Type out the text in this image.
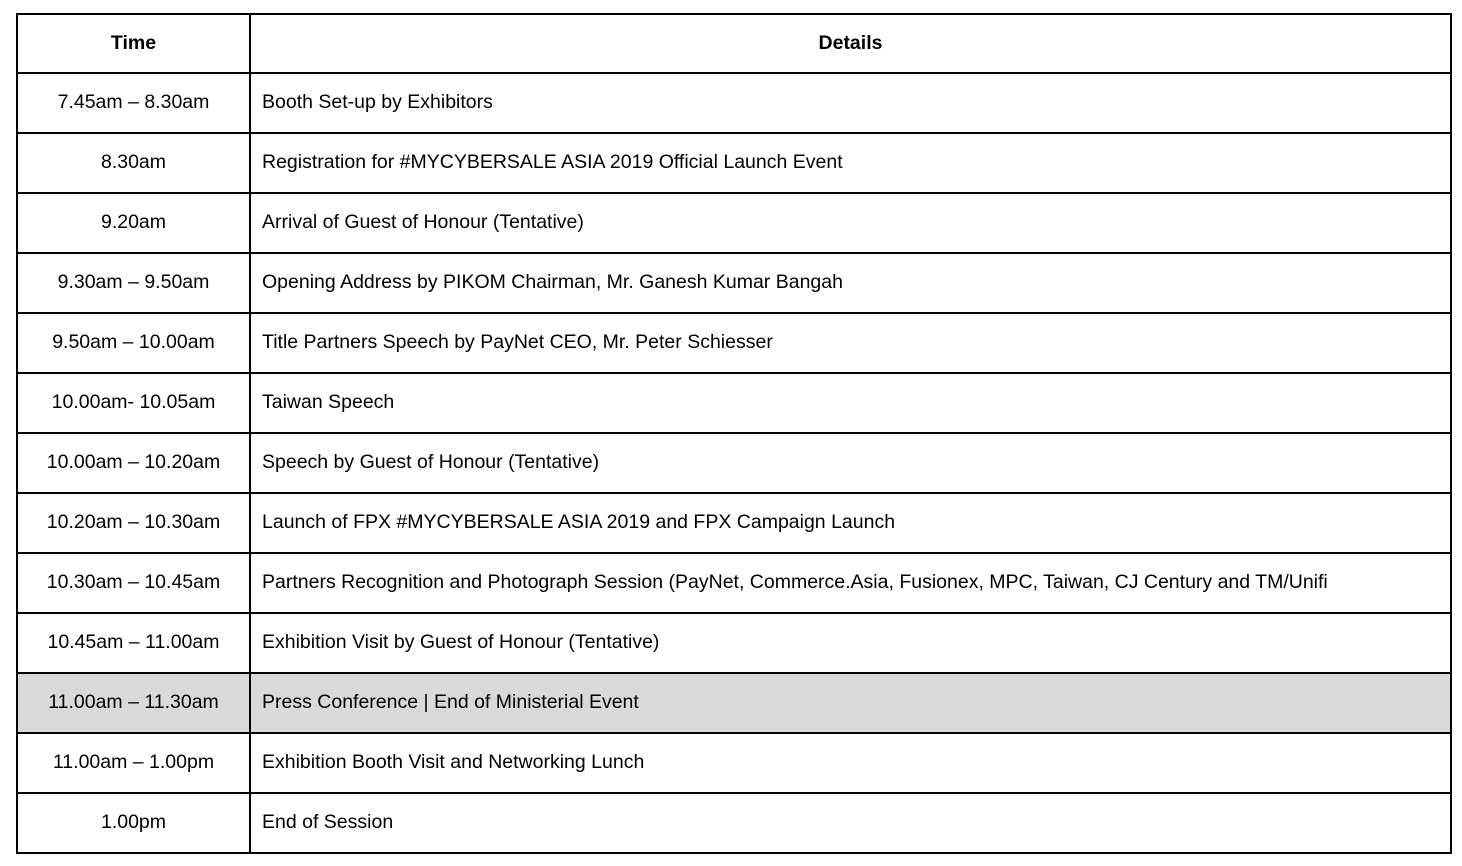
Time	Details
7.45am – 8.30am	Booth Set-up by Exhibitors
8.30am	Registration for #MYCYBERSALE ASIA 2019 Official Launch Event
9.20am	Arrival of Guest of Honour (Tentative)
9.30am – 9.50am	Opening Address by PIKOM Chairman, Mr. Ganesh Kumar Bangah
9.50am – 10.00am	Title Partners Speech by PayNet CEO, Mr. Peter Schiesser
10.00am- 10.05am	Taiwan Speech
10.00am – 10.20am	Speech by Guest of Honour (Tentative)
10.20am – 10.30am	Launch of FPX #MYCYBERSALE ASIA 2019 and FPX Campaign Launch
10.30am – 10.45am	Partners Recognition and Photograph Session (PayNet, Commerce.Asia, Fusionex, MPC, Taiwan, CJ Century and TM/Unifi
10.45am – 11.00am	Exhibition Visit by Guest of Honour (Tentative)
11.00am – 11.30am	Press Conference | End of Ministerial Event
11.00am – 1.00pm	Exhibition Booth Visit and Networking Lunch
1.00pm	End of Session
